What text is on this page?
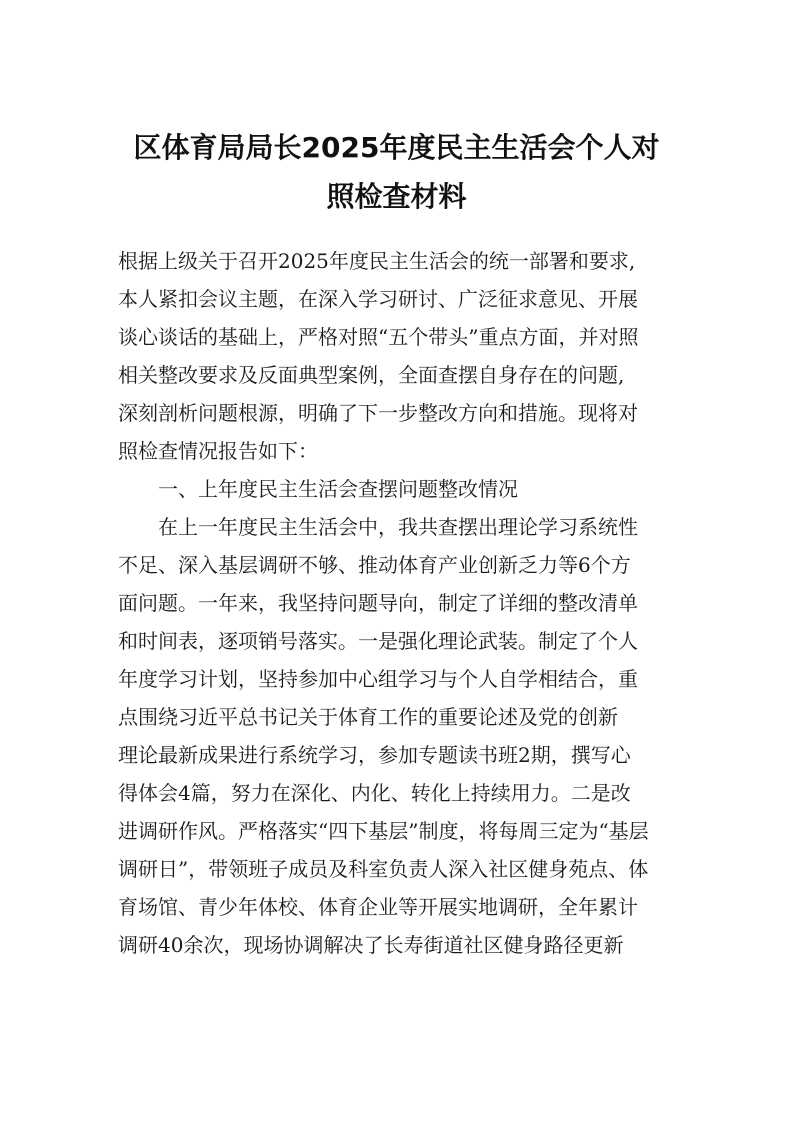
区体育局局长2025年度民主生活会个人对
照检查材料

根据上级关于召开2025年度民主生活会的统一部署和要求,

本人紧扣会议主题，在深入学习研讨、广泛征求意见、开展

谈心谈话的基础上，严格对照“五个带头”重点方面，并对照

相关整改要求及反面典型案例，全面查摆自身存在的问题,

深刻剖析问题根源，明确了下一步整改方向和措施。现将对

照检查情况报告如下：

一、上年度民主生活会查摆问题整改情况

在上一年度民主生活会中，我共查摆出理论学习系统性

不足、深入基层调研不够、推动体育产业创新乏力等6个方

面问题。一年来，我坚持问题导向，制定了详细的整改清单

和时间表，逐项销号落实。一是强化理论武装。制定了个人

年度学习计划，坚持参加中心组学习与个人自学相结合，重

点围绕习近平总书记关于体育工作的重要论述及党的创新

理论最新成果进行系统学习，参加专题读书班2期，撰写心

得体会4篇，努力在深化、内化、转化上持续用力。二是改

进调研作风。严格落实“四下基层”制度，将每周三定为“基层

调研日”，带领班子成员及科室负责人深入社区健身苑点、体

育场馆、青少年体校、体育企业等开展实地调研，全年累计

调研40余次，现场协调解决了长寿街道社区健身路径更新
